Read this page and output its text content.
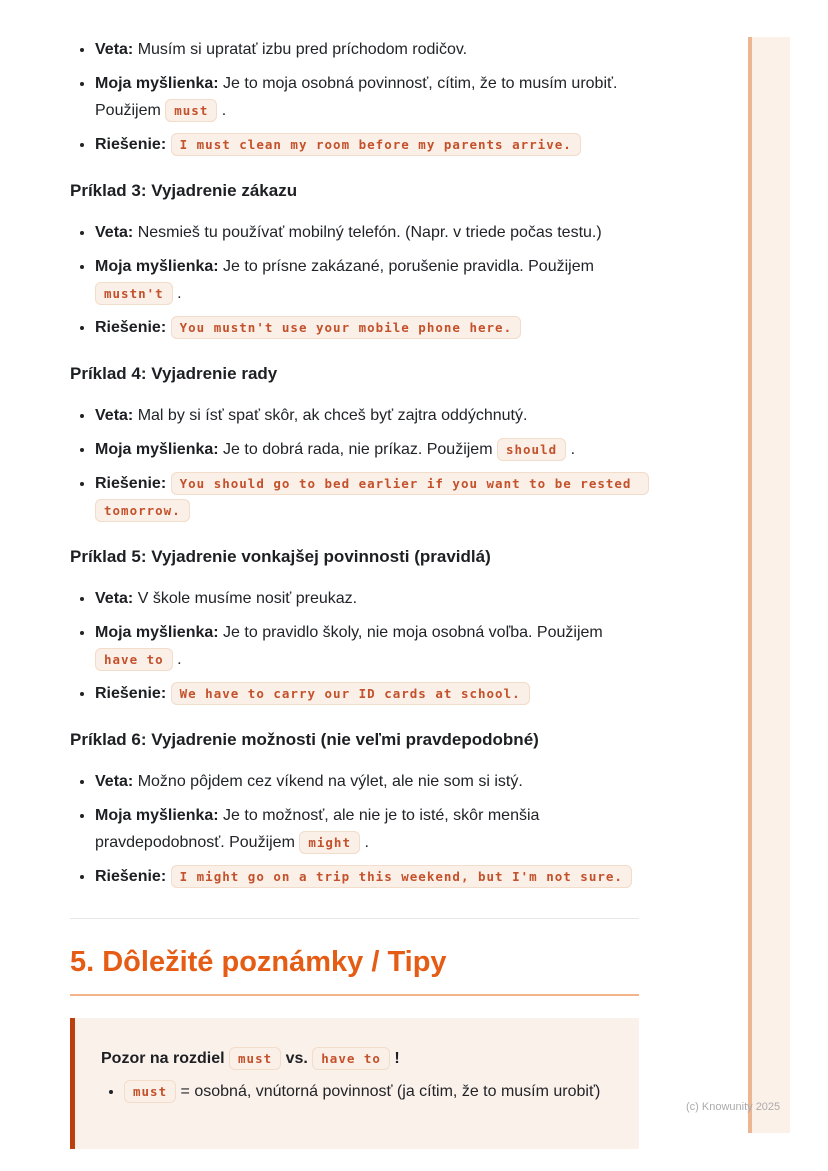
(c) Knowunity 2025
• Veta: Musím si upratať izbu pred príchodom rodičov.
• Moja myšlienka: Je to moja osobná povinnosť, cítim, že to musím urobiť. Použijem must .
• Riešenie: I must clean my room before my parents arrive.
Príklad 3: Vyjadrenie zákazu
• Veta: Nesmieš tu používať mobilný telefón. (Napr. v triede počas testu.)
• Moja myšlienka: Je to prísne zakázané, porušenie pravidla. Použijem mustn't .
• Riešenie: You mustn't use your mobile phone here.
Príklad 4: Vyjadrenie rady
• Veta: Mal by si ísť spať skôr, ak chceš byť zajtra oddýchnutý.
• Moja myšlienka: Je to dobrá rada, nie príkaz. Použijem should .
• Riešenie: You should go to bed earlier if you want to be rested tomorrow.
Príklad 5: Vyjadrenie vonkajšej povinnosti (pravidlá)
• Veta: V škole musíme nosiť preukaz.
• Moja myšlienka: Je to pravidlo školy, nie moja osobná voľba. Použijem have to .
• Riešenie: We have to carry our ID cards at school.
Príklad 6: Vyjadrenie možnosti (nie veľmi pravdepodobné)
• Veta: Možno pôjdem cez víkend na výlet, ale nie som si istý.
• Moja myšlienka: Je to možnosť, ale nie je to isté, skôr menšia pravdepodobnosť. Použijem might .
• Riešenie: I might go on a trip this weekend, but I'm not sure.
5. Dôležité poznámky / Tipy

Pozor na rozdiel must vs. have to !

• must = osobná, vnútorná povinnosť (ja cítim, že to musím urobiť)
